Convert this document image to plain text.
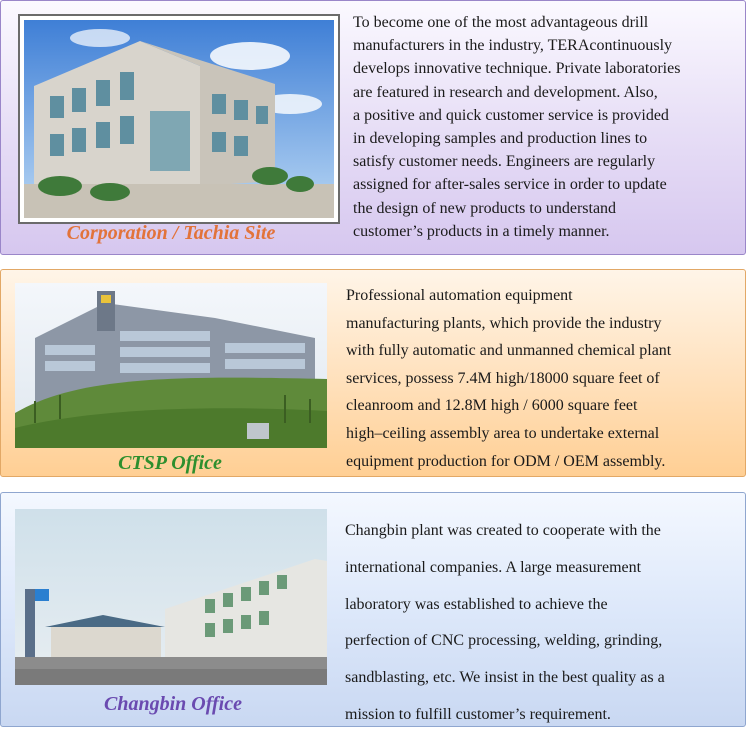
Corporation / Tachia Site
To become one of the most advantageous drill
manufacturers in the industry, TERAcontinuously
develops innovative technique. Private laboratories
are featured in research and development. Also,
a positive and quick customer service is provided
in developing samples and production lines to
satisfy customer needs. Engineers are regularly
assigned for after-sales service in order to update
the design of new products to understand
customer’s products in a timely manner.
CTSP Office
Professional automation equipment
manufacturing plants, which provide the industry
with fully automatic and unmanned chemical plant
services, possess 7.4M high/18000 square feet of
cleanroom and 12.8M high / 6000 square feet
high–ceiling assembly area to undertake external
equipment production for ODM / OEM assembly.
Changbin Office
Changbin plant was created to cooperate with the
international companies. A large measurement
laboratory was established to achieve the
perfection of CNC processing, welding, grinding,
sandblasting, etc. We insist in the best quality as a
mission to fulfill customer’s requirement.
